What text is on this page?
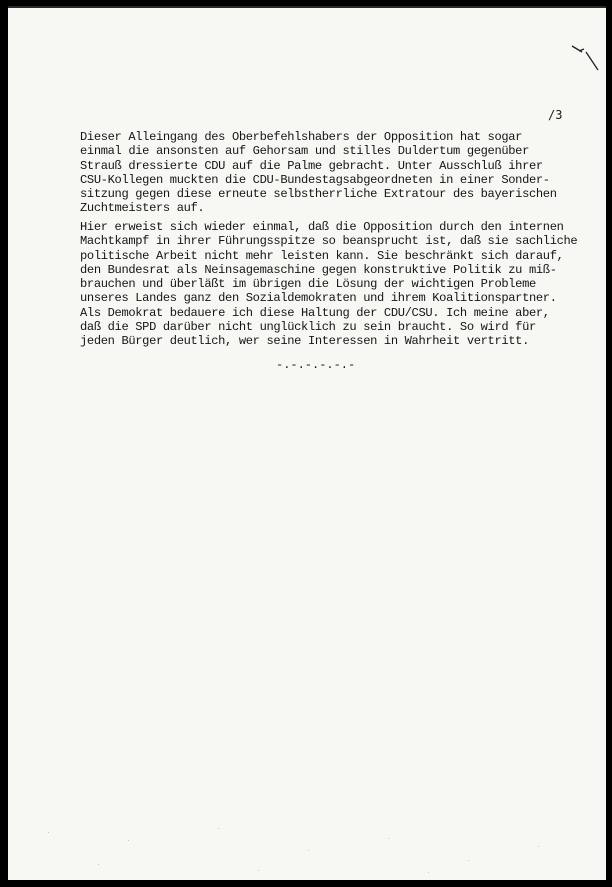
/3
Dieser Alleingang des Oberbefehlshabers der Opposition hat sogar
einmal die ansonsten auf Gehorsam und stilles Duldertum gegenüber
Strauß dressierte CDU auf die Palme gebracht. Unter Ausschluß ihrer
CSU-Kollegen muckten die CDU-Bundestagsabgeordneten in einer Sonder-
sitzung gegen diese erneute selbstherrliche Extratour des bayerischen
Zuchtmeisters auf.
Hier erweist sich wieder einmal, daß die Opposition durch den internen
Machtkampf in ihrer Führungsspitze so beansprucht ist, daß sie sachliche
politische Arbeit nicht mehr leisten kann. Sie beschränkt sich darauf,
den Bundesrat als Neinsagemaschine gegen konstruktive Politik zu miß-
brauchen und überläßt im übrigen die Lösung der wichtigen Probleme
unseres Landes ganz den Sozialdemokraten und ihrem Koalitionspartner.
Als Demokrat bedauere ich diese Haltung der CDU/CSU. Ich meine aber,
daß die SPD darüber nicht unglücklich zu sein braucht. So wird für
jeden Bürger deutlich, wer seine Interessen in Wahrheit vertritt.
-.-.-.-.-.-
